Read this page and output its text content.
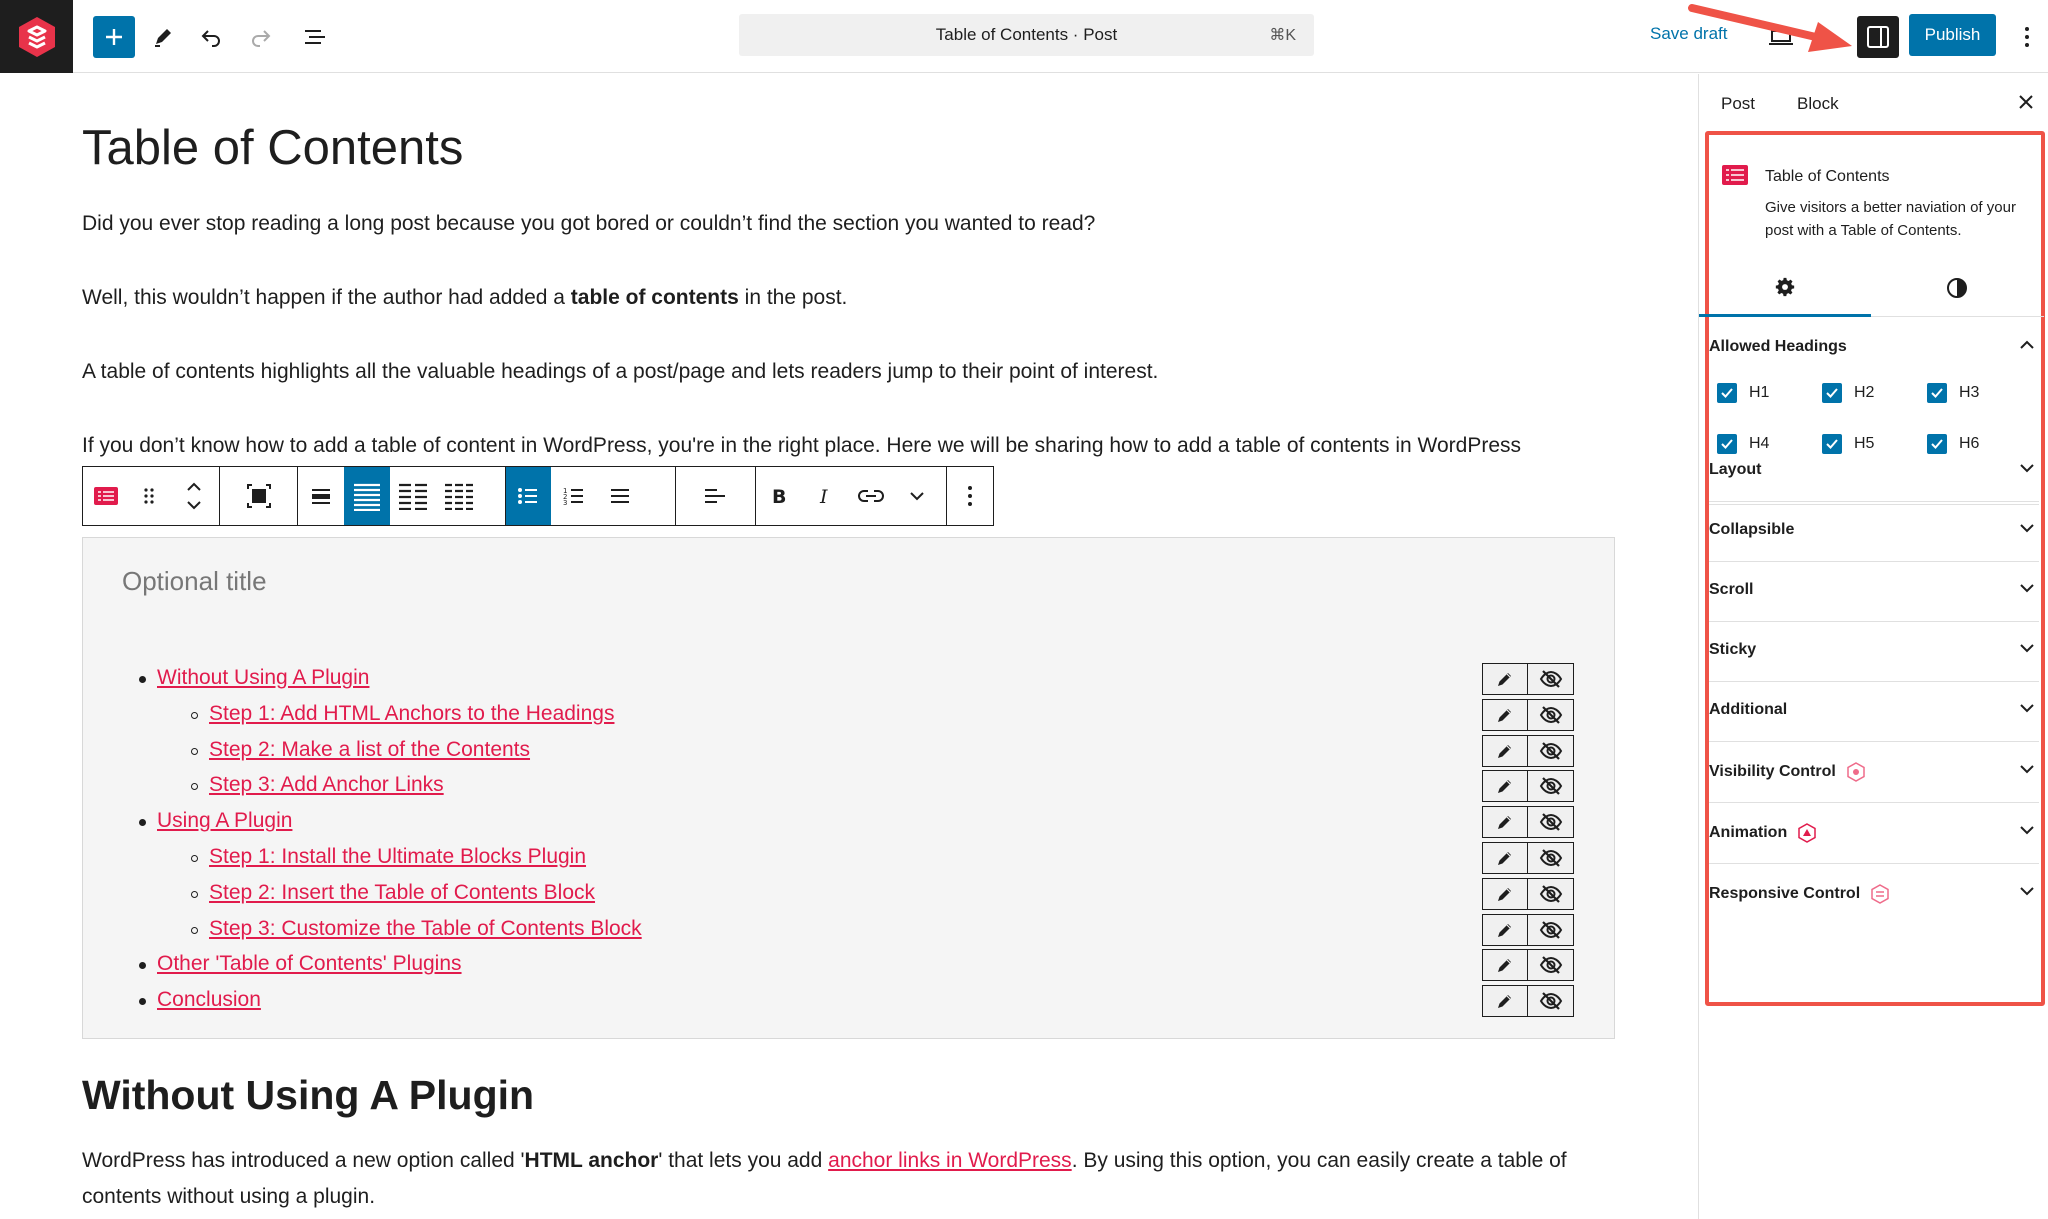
Table of Contents · Post	⌘K	Save draft	Publish
Table of Contents

Did you ever stop reading a long post because you got bored or couldn’t find the section you wanted to read?

Well, this wouldn’t happen if the author had added a table of contents in the post.

A table of contents highlights all the valuable headings of a post/page and lets readers jump to their point of interest.

If you don’t know how to add a table of content in WordPress, you're in the right place. Here we will be sharing how to add a table of contents in WordPress

1
2
3	B I
Optional title
Without Using A Plugin
Step 1: Add HTML Anchors to the Headings
Step 2: Make a list of the Contents
Step 3: Add Anchor Links
Using A Plugin
Step 1: Install the Ultimate Blocks Plugin
Step 2: Insert the Table of Contents Block
Step 3: Customize the Table of Contents Block
Other 'Table of Contents' Plugins
Conclusion
Without Using A Plugin

WordPress has introduced a new option called 'HTML anchor' that lets you add anchor links in WordPress. By using this option, you can easily create a table of
contents without using a plugin.

Post Block
Table of Contents
Give visitors a better naviation of your post with a Table of Contents.
Allowed Headings
H1	H2	H3
H4	H5	H6
Layout
Collapsible
Scroll
Sticky
Additional
Visibility Control
Animation
Responsive Control
